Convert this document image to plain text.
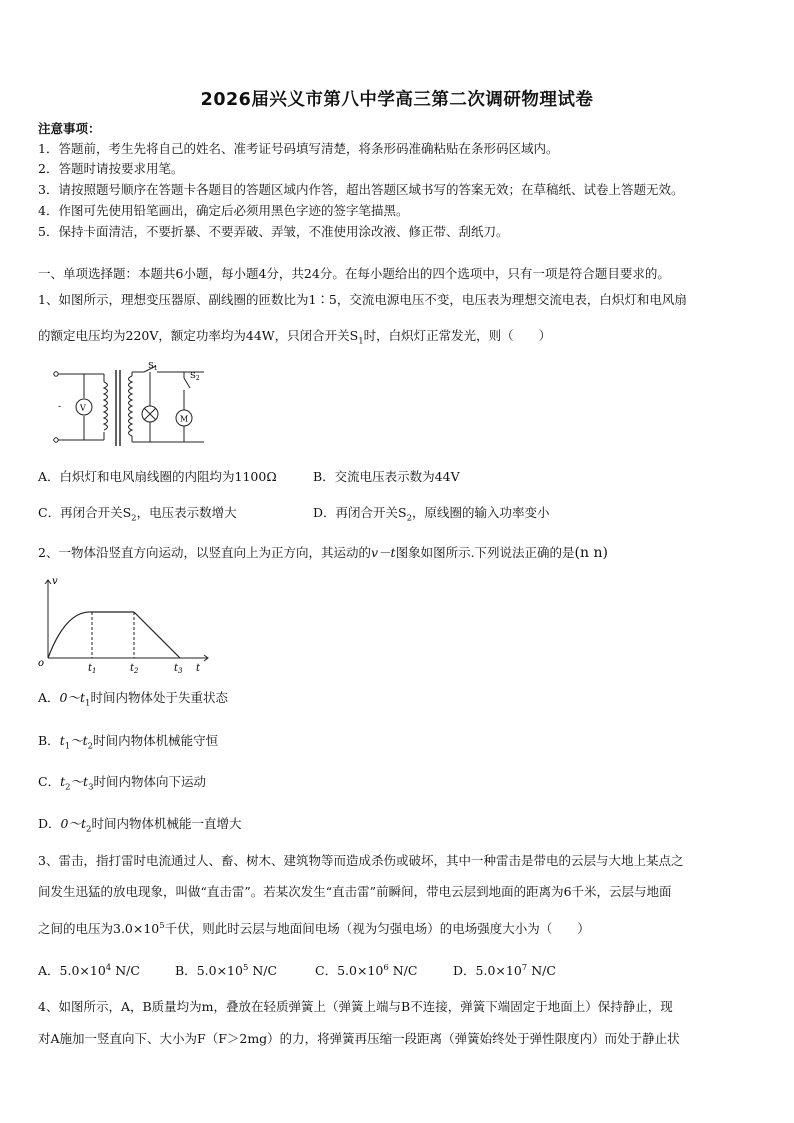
2026届兴义市第八中学高三第二次调研物理试卷
注意事项：
1．答题前，考生先将自己的姓名、准考证号码填写清楚，将条形码准确粘贴在条形码区域内。
2．答题时请按要求用笔。
3．请按照题号顺序在答题卡各题目的答题区域内作答，超出答题区域书写的答案无效；在草稿纸、试卷上答题无效。
4．作图可先使用铅笔画出，确定后必须用黑色字迹的签字笔描黑。
5．保持卡面清洁，不要折暴、不要弄破、弄皱，不准使用涂改液、修正带、刮纸刀。
一、单项选择题：本题共6小题，每小题4分，共24分。在每小题给出的四个选项中，只有一项是符合题目要求的。
1、如图所示，理想变压器原、副线圈的匝数比为1∶5，交流电源电压不变，电压表为理想交流电表，白炽灯和电风扇
的额定电压均为220V，额定功率均为44W，只闭合开关$S_1$时，白炽灯正常发光，则（　　）
V
M
-
$S_1$
$S_2$
A．白炽灯和电风扇线圈的内阻均为1100Ω	B．交流电压表示数为44V
C．再闭合开关$S_2$，电压表示数增大	D．再闭合开关$S_2$，原线圈的输入功率变小
2、一物体沿竖直方向运动，以竖直向上为正方向，其运动的v－t图象如图所示.下列说法正确的是(n n)
v
o	$t_1$	$t_2$	$t_3$ t
A．$0\sim t_1$时间内物体处于失重状态
B．$t_1\sim t_2$时间内物体机械能守恒
C．$t_2\sim t_3$时间内物体向下运动
D．$0\sim t_2$时间内物体机械能一直增大
3、雷击，指打雷时电流通过人、畜、树木、建筑物等而造成杀伤或破坏，其中一种雷击是带电的云层与大地上某点之
间发生迅猛的放电现象，叫做“直击雷”。若某次发生“直击雷”前瞬间，带电云层到地面的距离为6千米，云层与地面
之间的电压为$3.0\times 10^5$千伏，则此时云层与地面间电场（视为匀强电场）的电场强度大小为（　　）
A．$5.0\times 10^4$ N/C	B．$5.0\times 10^5$ N/C	C．$5.0\times 10^6$ N/C	D．$5.0\times 10^7$ N/C
4、如图所示，A，B质量均为m，叠放在轻质弹簧上（弹簧上端与B不连接，弹簧下端固定于地面上）保持静止，现
对A施加一竖直向下、大小为F（F＞2mg）的力，将弹簧再压缩一段距离（弹簧始终处于弹性限度内）而处于静止状
